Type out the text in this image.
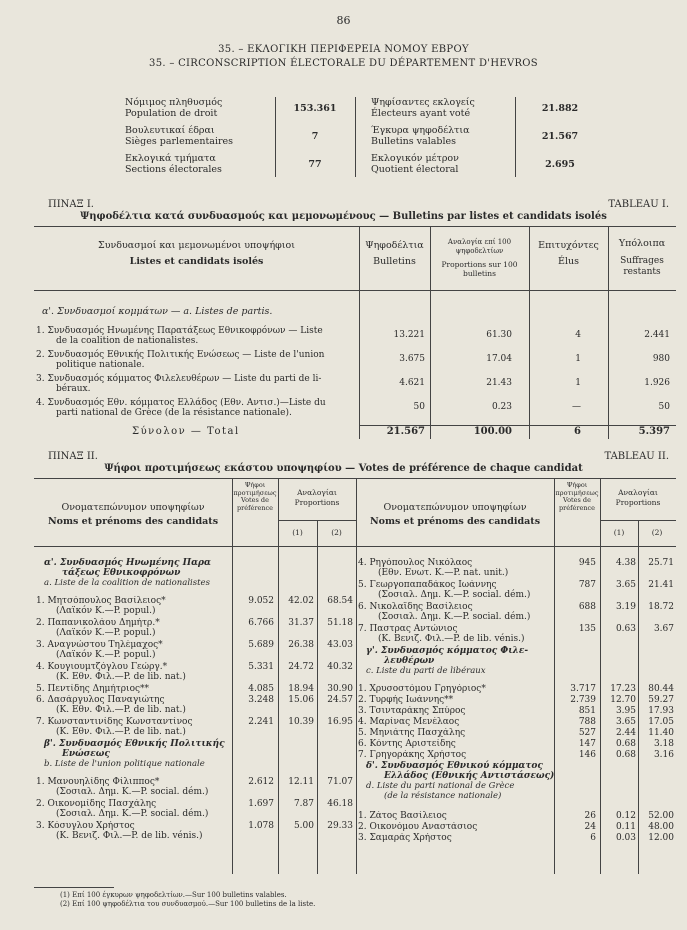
86
35. – ΕΚΛΟΓΙΚΗ ΠΕΡΙΦΕΡΕΙΑ ΝΟΜΟΥ ΕΒΡΟΥ
35. – CIRCONSCRIPTION ÉLECTORALE DU DÉPARTEMENT D'HEVROS
Νόμιμος πληθυσμός
Population de droit	153.361
Ψηφίσαντες εκλογείς
Électeurs ayant voté	21.882
Βουλευτικαί έδραι
Sièges parlementaires	7
Έγκυρα ψηφοδέλτια
Bulletins valables	21.567
Εκλογικά τμήματα
Sections électorales	77
Εκλογικόν μέτρον
Quotient électoral	2.695
ΠΙΝΑΞ Ι.	TABLEAU I.
Ψηφοδέλτια κατά συνδυασμούς και μεμονωμένους — Bulletins par listes et candidats isolés
Συνδυασμοί και μεμονωμένοι υποψήφιοι
Listes et candidats isolés
Ψηφοδέλτια
Bulletins
Αναλογία επί 100 ψηφοδελτίων
Proportions sur 100 bulletins
Επιτυχόντες
Élus
Υπόλοιπα
Suffrages restants
α'. Συνδυασμοί κομμάτων — a. Listes de partis.
1. Συνδυασμός Ηνωμένης Παρατάξεως Εθνικοφρόνων — Liste
de la coalition de nationalistes.
13.221	61.30	4	2.441
2. Συνδυασμός Εθνικής Πολιτικής Ενώσεως — Liste de l'union
politique nationale.
3.675	17.04	1	980
3. Συνδυασμός κόμματος Φιλελευθέρων — Liste du parti de li-
béraux.
4.621	21.43	1	1.926
4. Συνδυασμός Εθν. κόμματος Ελλάδος (Εθν. Αντισ.)—Liste du
parti national de Grèce (de la résistance nationale).
50	0.23	—	50
Σύνολον — Total	21.567	100.00	6	5.397
ΠΙΝΑΞ ΙΙ.	TABLEAU II.
Ψήφοι προτιμήσεως εκάστου υποψηφίου — Votes de préférence de chaque candidat
Ονοματεπώνυμον υποψηφίων
Noms et prénoms des candidats
Ψήφοι προτιμήσεως Votes de préférence
Αναλογίαι
Proportions
(1)	(2)
Ονοματεπώνυμον υποψηφίων
Noms et prénoms des candidats
Ψήφοι προτιμήσεως Votes de préférence
Αναλογίαι
Proportions
(1)	(2)
α'. Συνδυασμός Ηνωμένης Παρα
τάξεως Εθνικοφρόνων
a. Liste de la coalition de nationalistes
1. Μητσόπουλος Βασίλειος*
(Λαϊκόν Κ.—P. popul.)
9.052	42.02	68.54
2. Παπανικολάου Δημήτρ.*
(Λαϊκόν Κ.—P. popul.)
6.766	31.37	51.18
3. Αναγνώστου Τηλέμαχος*
(Λαϊκόν Κ.—P. popul.)
5.689	26.38	43.03
4. Κουγιουμτζόγλου Γεώργ.*
(Κ. Εθν. Φιλ.—P. de lib. nat.)
5.331	24.72	40.32
5. Πεντίδης Δημήτριος**	4.085	18.94	30.90
6. Δασάργυλος Παναγιώτης
(Κ. Εθν. Φιλ.—P. de lib. nat.)
3.248	15.06	24.57
7. Κωνσταντινίδης Κωνσταντίνος
(Κ. Εθν. Φιλ.—P. de lib. nat.)
2.241	10.39	16.95
β'. Συνδυασμός Εθνικής Πολιτικής
Ενώσεως
b. Liste de l'union politique nationale
1. Μανουηλίδης Φίλιππος*
(Σοσιαλ. Δημ. Κ.—P. social. dém.)
2.612	12.11	71.07
2. Οικονομίδης Πασχάλης
(Σοσιαλ. Δημ. Κ.—P. social. dém.)
1.697	7.87	46.18
3. Κόσυγλου Χρήστος
(Κ. Βενιζ. Φιλ.—P. de lib. vénis.)
1.078	5.00	29.33
4. Ρηγόπουλος Νικόλαος
(Εθν. Ενωτ. Κ.—P. nat. unit.)
945	4.38	25.71
5. Γεωργοπαπαδάκος Ιωάννης
(Σοσιαλ. Δημ. Κ.—P. social. dém.)
787	3.65	21.41
6. Νικολαΐδης Βασίλειος
(Σοσιαλ. Δημ. Κ.—P. social. dém.)
688	3.19	18.72
7. Παστρας Αντώνιος
(Κ. Βενιζ. Φιλ.—P. de lib. vénis.)
135	0.63	3.67
γ'. Συνδυασμός κόμματος Φιλε-
λευθέρων
c. Liste du parti de libéraux
1. Χρυσοστόμου Γρηγόριος*	3.717	17.23	80.44
2. Τυρφής Ιωάννης**	2.739	12.70	59.27
3. Τσινταράκης Σπύρος	851	3.95	17.93
4. Μαρίνας Μενέλαος	788	3.65	17.05
5. Μηνιάτης Πασχάλης	527	2.44	11.40
6. Κόντης Αριστείδης	147	0.68	3.18
7. Γρηγοράκης Χρήστος	146	0.68	3.16
δ'. Συνδυασμός Εθνικού κόμματος
Ελλάδος (Εθνικής Αντιστάσεως)
d. Liste du parti national de Grèce
(de la résistance nationale)
1. Ζάτος Βασίλειος	26	0.12	52.00
2. Οικονόμου Αναστάσιος	24	0.11	48.00
3. Σαμαράς Χρήστος	6	0.03	12.00
(1) Επί 100 έγκυρων ψηφοδελτίων.—Sur 100 bulletins valables.
(2) Επί 100 ψηφοδέλτια του συνδυασμού.—Sur 100 bulletins de la liste.
